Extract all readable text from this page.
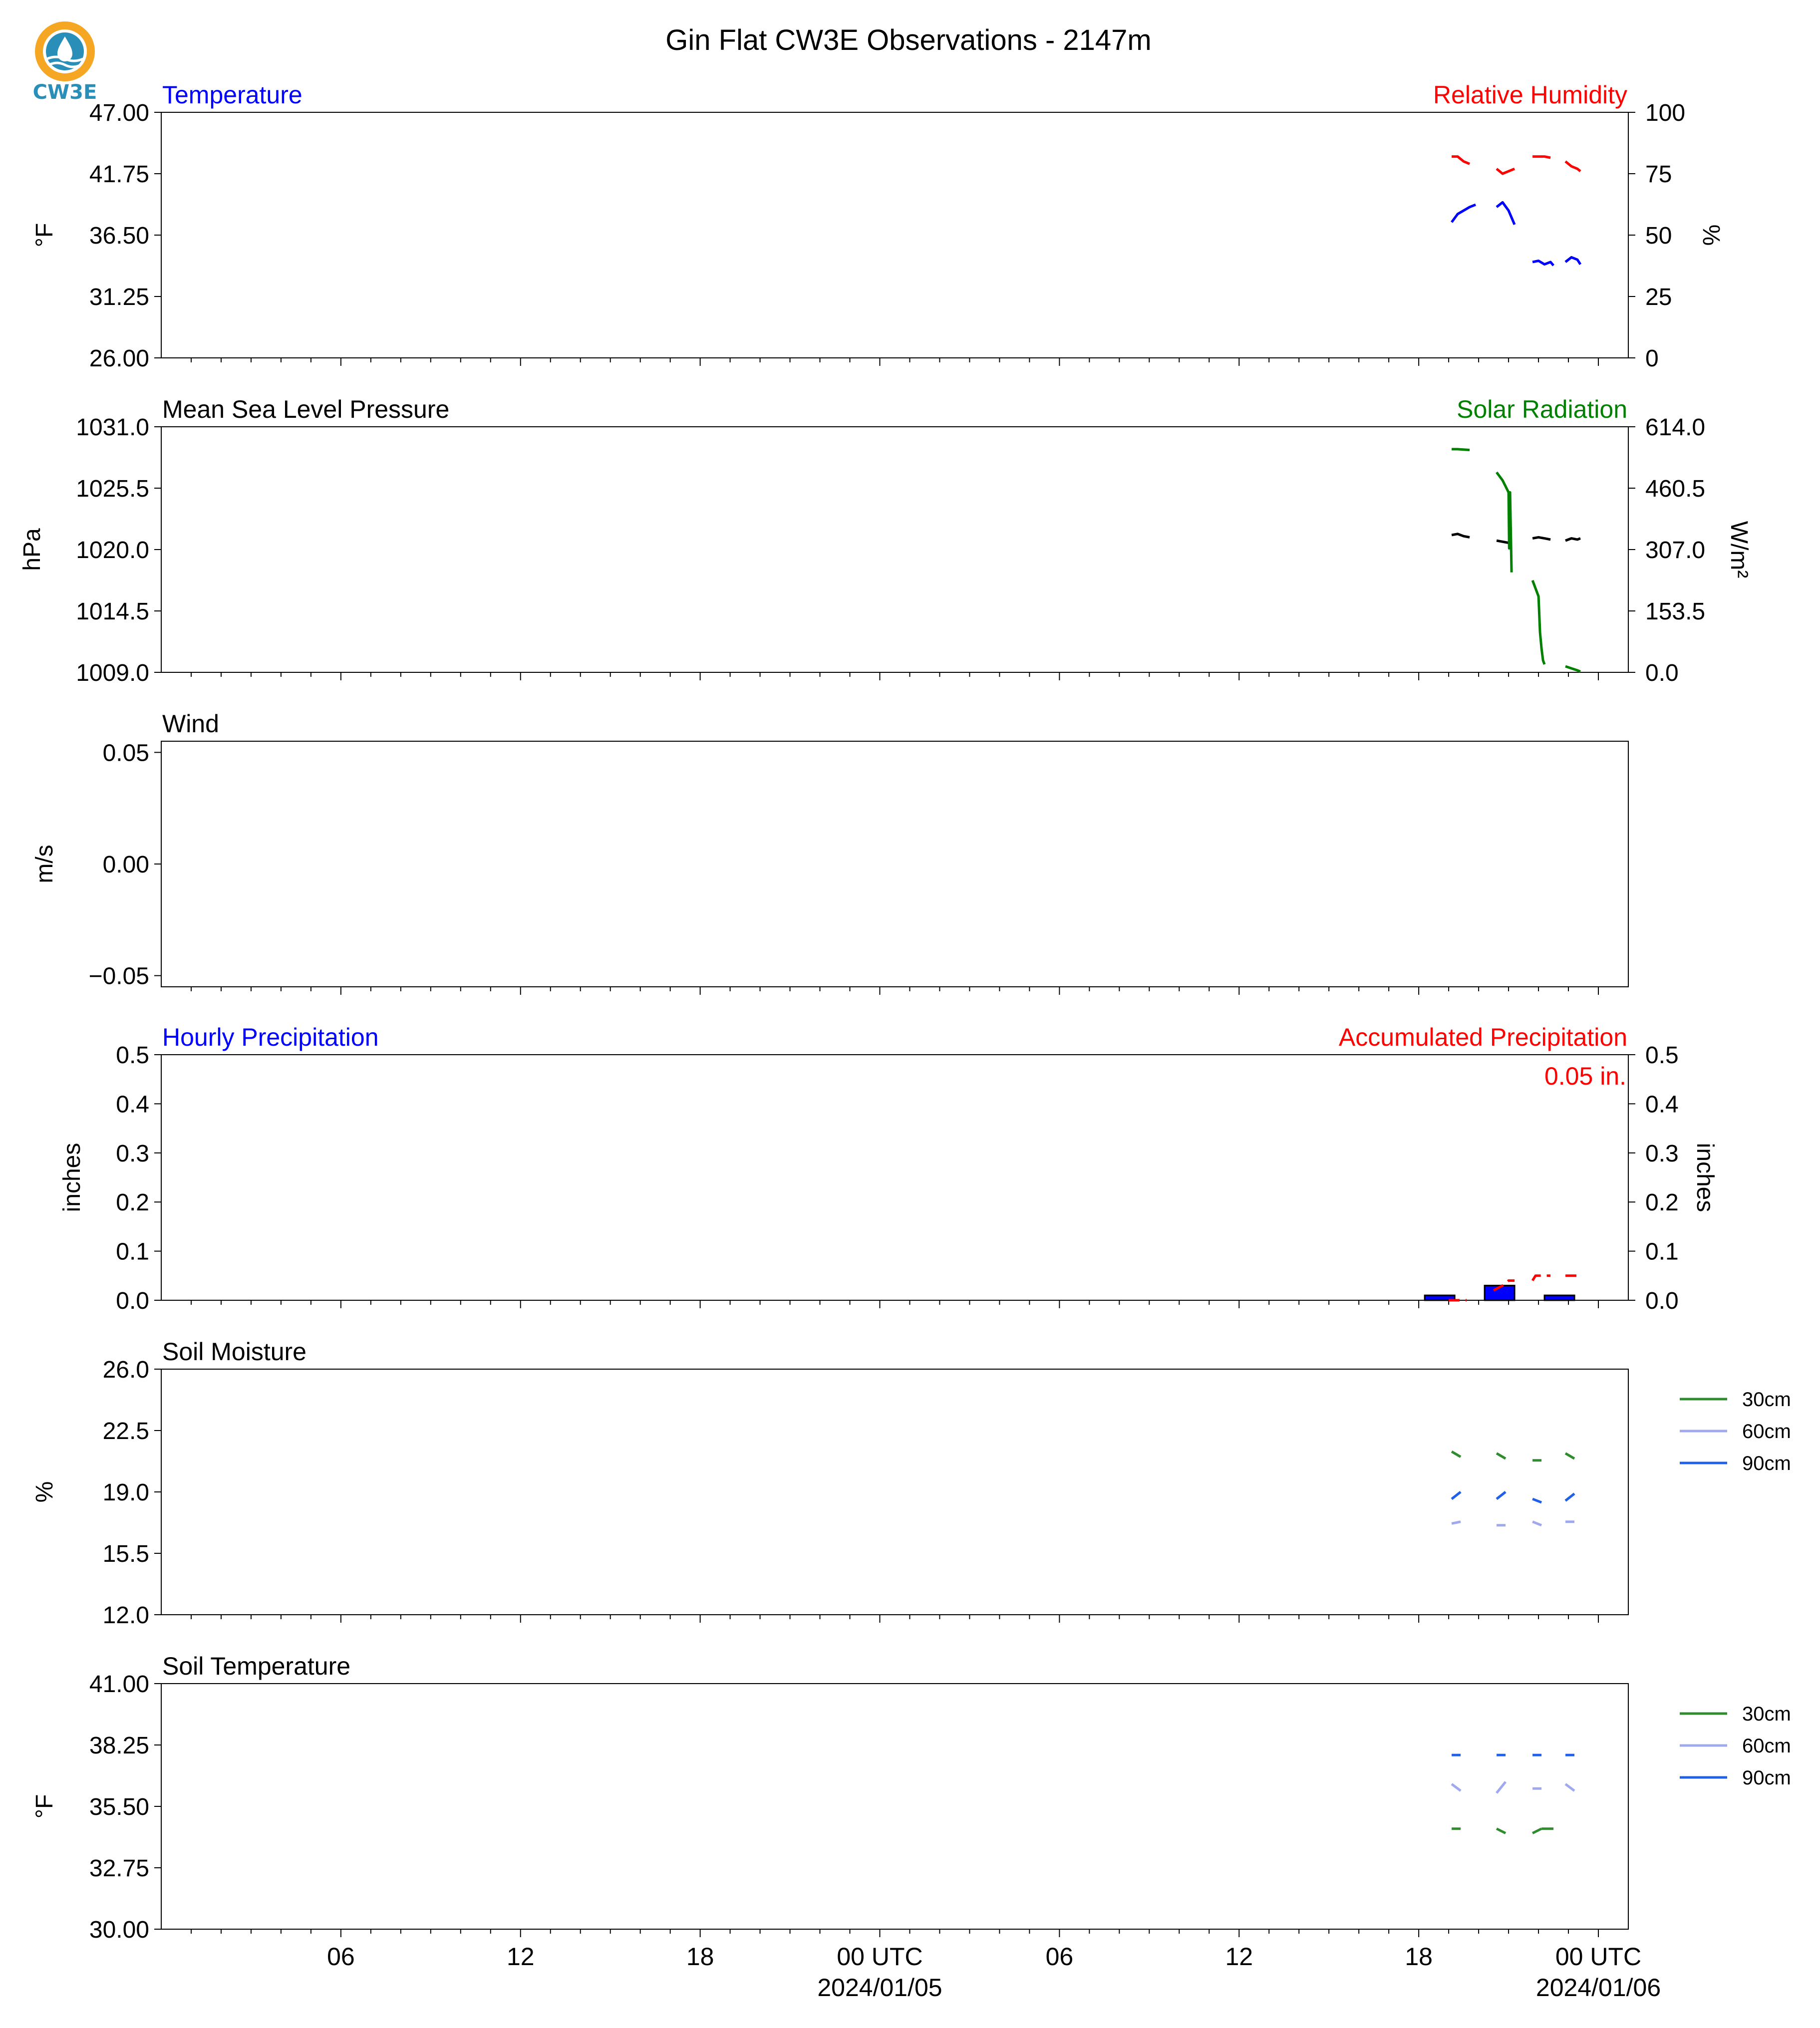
CW3E
Gin Flat CW3E Observations - 2147m
Temperature	Relative Humidity
26.00
31.25
36.50
41.75
47.00
0
25
50
75
100
°F	%
Mean Sea Level Pressure	Solar Radiation
1009.0
1014.5
1020.0
1025.5
1031.0
0.0
153.5
307.0
460.5
614.0
hPa	W/m²
Wind
−0.05
0.00
0.05
m/s
Hourly Precipitation	Accumulated Precipitation
0.0
0.1
0.2
0.3
0.4
0.5
0.0
0.1
0.2
0.3
0.4
0.5
inches	inches
0.05 in.
Soil Moisture
12.0
15.5
19.0
22.5
26.0
%
30cm
60cm
90cm
Soil Temperature
30.00
32.75
35.50
38.25
41.00
°F
30cm
60cm
90cm
06	12	18	00 UTC
2024/01/05
06	12	18	00 UTC
2024/01/06
